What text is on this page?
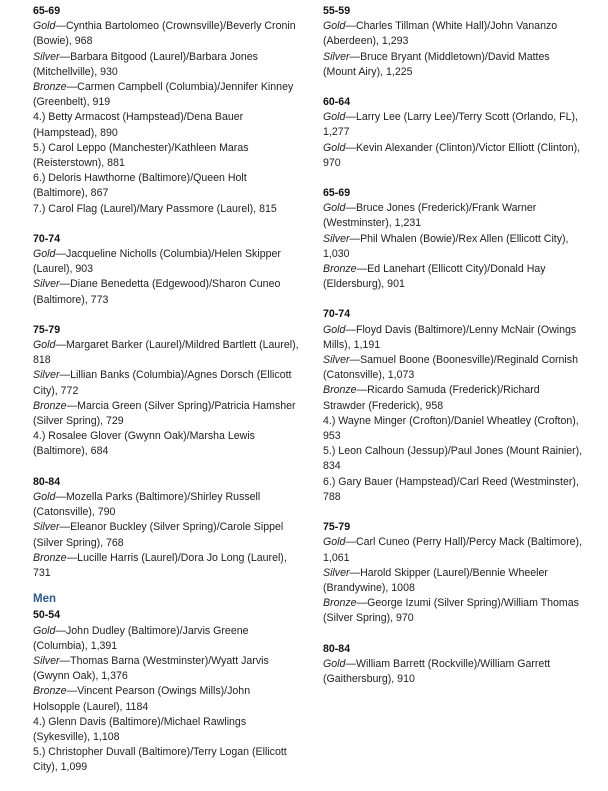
65-69
Gold—Cynthia Bartolomeo (Crownsville)/Beverly Cronin (Bowie), 968
Silver—Barbara Bitgood (Laurel)/Barbara Jones (Mitchellville), 930
Bronze—Carmen Campbell (Columbia)/Jennifer Kinney (Greenbelt), 919
4.) Betty Armacost (Hampstead)/Dena Bauer (Hampstead), 890
5.) Carol Leppo (Manchester)/Kathleen Maras (Reisterstown), 881
6.) Deloris Hawthorne (Baltimore)/Queen Holt (Baltimore), 867
7.) Carol Flag (Laurel)/Mary Passmore (Laurel), 815
70-74
Gold—Jacqueline Nicholls (Columbia)/Helen Skipper (Laurel), 903
Silver—Diane Benedetta (Edgewood)/Sharon Cuneo (Baltimore), 773
75-79
Gold—Margaret Barker (Laurel)/Mildred Bartlett (Laurel), 818
Silver—Lillian Banks (Columbia)/Agnes Dorsch (Ellicott City), 772
Bronze—Marcia Green (Silver Spring)/Patricia Hamsher (Silver Spring), 729
4.) Rosalee Glover (Gwynn Oak)/Marsha Lewis (Baltimore), 684
80-84
Gold—Mozella Parks (Baltimore)/Shirley Russell (Catonsville), 790
Silver—Eleanor Buckley (Silver Spring)/Carole Sippel (Silver Spring), 768
Bronze—Lucille Harris (Laurel)/Dora Jo Long (Laurel), 731
Men
50-54
Gold—John Dudley (Baltimore)/Jarvis Greene (Columbia), 1,391
Silver—Thomas Barna (Westminster)/Wyatt Jarvis (Gwynn Oak), 1,376
Bronze—Vincent Pearson (Owings Mills)/John Holsopple (Laurel), 1184
4.) Glenn Davis (Baltimore)/Michael Rawlings (Sykesville), 1,108
5.) Christopher Duvall (Baltimore)/Terry Logan (Ellicott City), 1,099
55-59
Gold—Charles Tillman (White Hall)/John Vananzo (Aberdeen), 1,293
Silver—Bruce Bryant (Middletown)/David Mattes (Mount Airy), 1,225
60-64
Gold—Larry Lee (Larry Lee)/Terry Scott (Orlando, FL), 1,277
Gold—Kevin Alexander (Clinton)/Victor Elliott (Clinton), 970
65-69
Gold—Bruce Jones (Frederick)/Frank Warner (Westminster), 1,231
Silver—Phil Whalen (Bowie)/Rex Allen (Ellicott City), 1,030
Bronze—Ed Lanehart (Ellicott City)/Donald Hay (Eldersburg), 901
70-74
Gold—Floyd Davis (Baltimore)/Lenny McNair (Owings Mills), 1,191
Silver—Samuel Boone (Boonesville)/Reginald Cornish (Catonsville), 1,073
Bronze—Ricardo Samuda (Frederick)/Richard Strawder (Frederick), 958
4.) Wayne Minger (Crofton)/Daniel Wheatley (Crofton), 953
5.) Leon Calhoun (Jessup)/Paul Jones (Mount Rainier), 834
6.) Gary Bauer (Hampstead)/Carl Reed (Westminster), 788
75-79
Gold—Carl Cuneo (Perry Hall)/Percy Mack (Baltimore), 1,061
Silver—Harold Skipper (Laurel)/Bennie Wheeler (Brandywine), 1008
Bronze—George Izumi (Silver Spring)/William Thomas (Silver Spring), 970
80-84
Gold—William Barrett (Rockville)/William Garrett (Gaithersburg), 910
